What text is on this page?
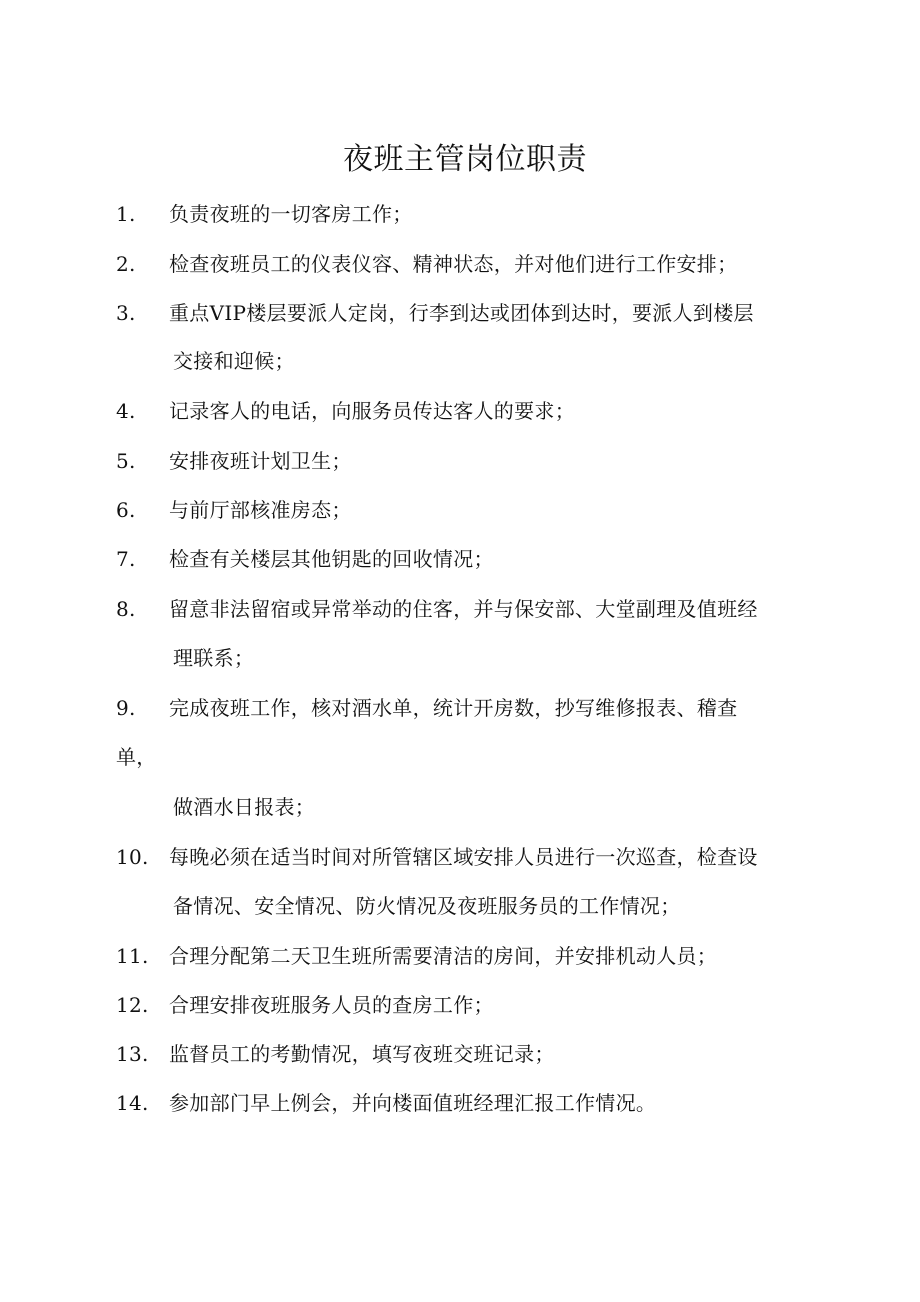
夜班主管岗位职责
1. 负责夜班的一切客房工作；
2. 检查夜班员工的仪表仪容、精神状态，并对他们进行工作安排；
3. 重点VIP楼层要派人定岗，行李到达或团体到达时，要派人到楼层
交接和迎候；
4. 记录客人的电话，向服务员传达客人的要求；
5. 安排夜班计划卫生；
6. 与前厅部核准房态；
7. 检查有关楼层其他钥匙的回收情况；
8. 留意非法留宿或异常举动的住客，并与保安部、大堂副理及值班经
理联系；
9. 完成夜班工作，核对酒水单，统计开房数，抄写维修报表、稽查
单，
做酒水日报表；
10. 每晚必须在适当时间对所管辖区域安排人员进行一次巡查，检查设
备情况、安全情况、防火情况及夜班服务员的工作情况；
11. 合理分配第二天卫生班所需要清洁的房间，并安排机动人员；
12. 合理安排夜班服务人员的查房工作；
13. 监督员工的考勤情况，填写夜班交班记录；
14. 参加部门早上例会，并向楼面值班经理汇报工作情况。
